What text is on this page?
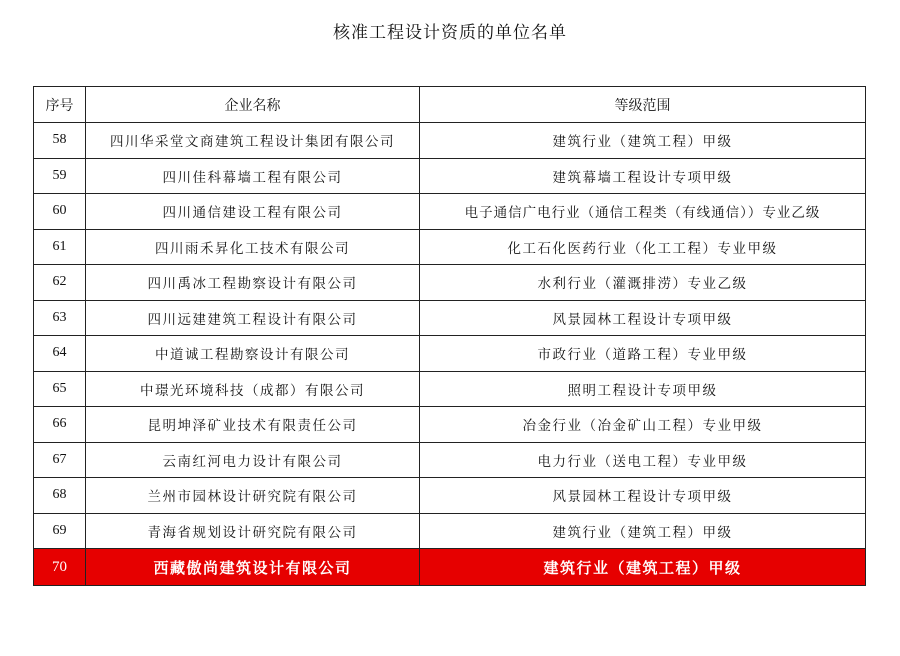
核准工程设计资质的单位名单
序号	企业名称	等级范围
58	四川华采堂文商建筑工程设计集团有限公司	建筑行业（建筑工程）甲级
59	四川佳科幕墙工程有限公司	建筑幕墙工程设计专项甲级
60	四川通信建设工程有限公司	电子通信广电行业（通信工程类（有线通信））专业乙级
61	四川雨禾昇化工技术有限公司	化工石化医药行业（化工工程）专业甲级
62	四川禹冰工程勘察设计有限公司	水利行业（灌溉排涝）专业乙级
63	四川远建建筑工程设计有限公司	风景园林工程设计专项甲级
64	中道诚工程勘察设计有限公司	市政行业（道路工程）专业甲级
65	中璟光环境科技（成都）有限公司	照明工程设计专项甲级
66	昆明坤泽矿业技术有限责任公司	冶金行业（冶金矿山工程）专业甲级
67	云南红河电力设计有限公司	电力行业（送电工程）专业甲级
68	兰州市园林设计研究院有限公司	风景园林工程设计专项甲级
69	青海省规划设计研究院有限公司	建筑行业（建筑工程）甲级
70	西藏傲尚建筑设计有限公司	建筑行业（建筑工程）甲级
